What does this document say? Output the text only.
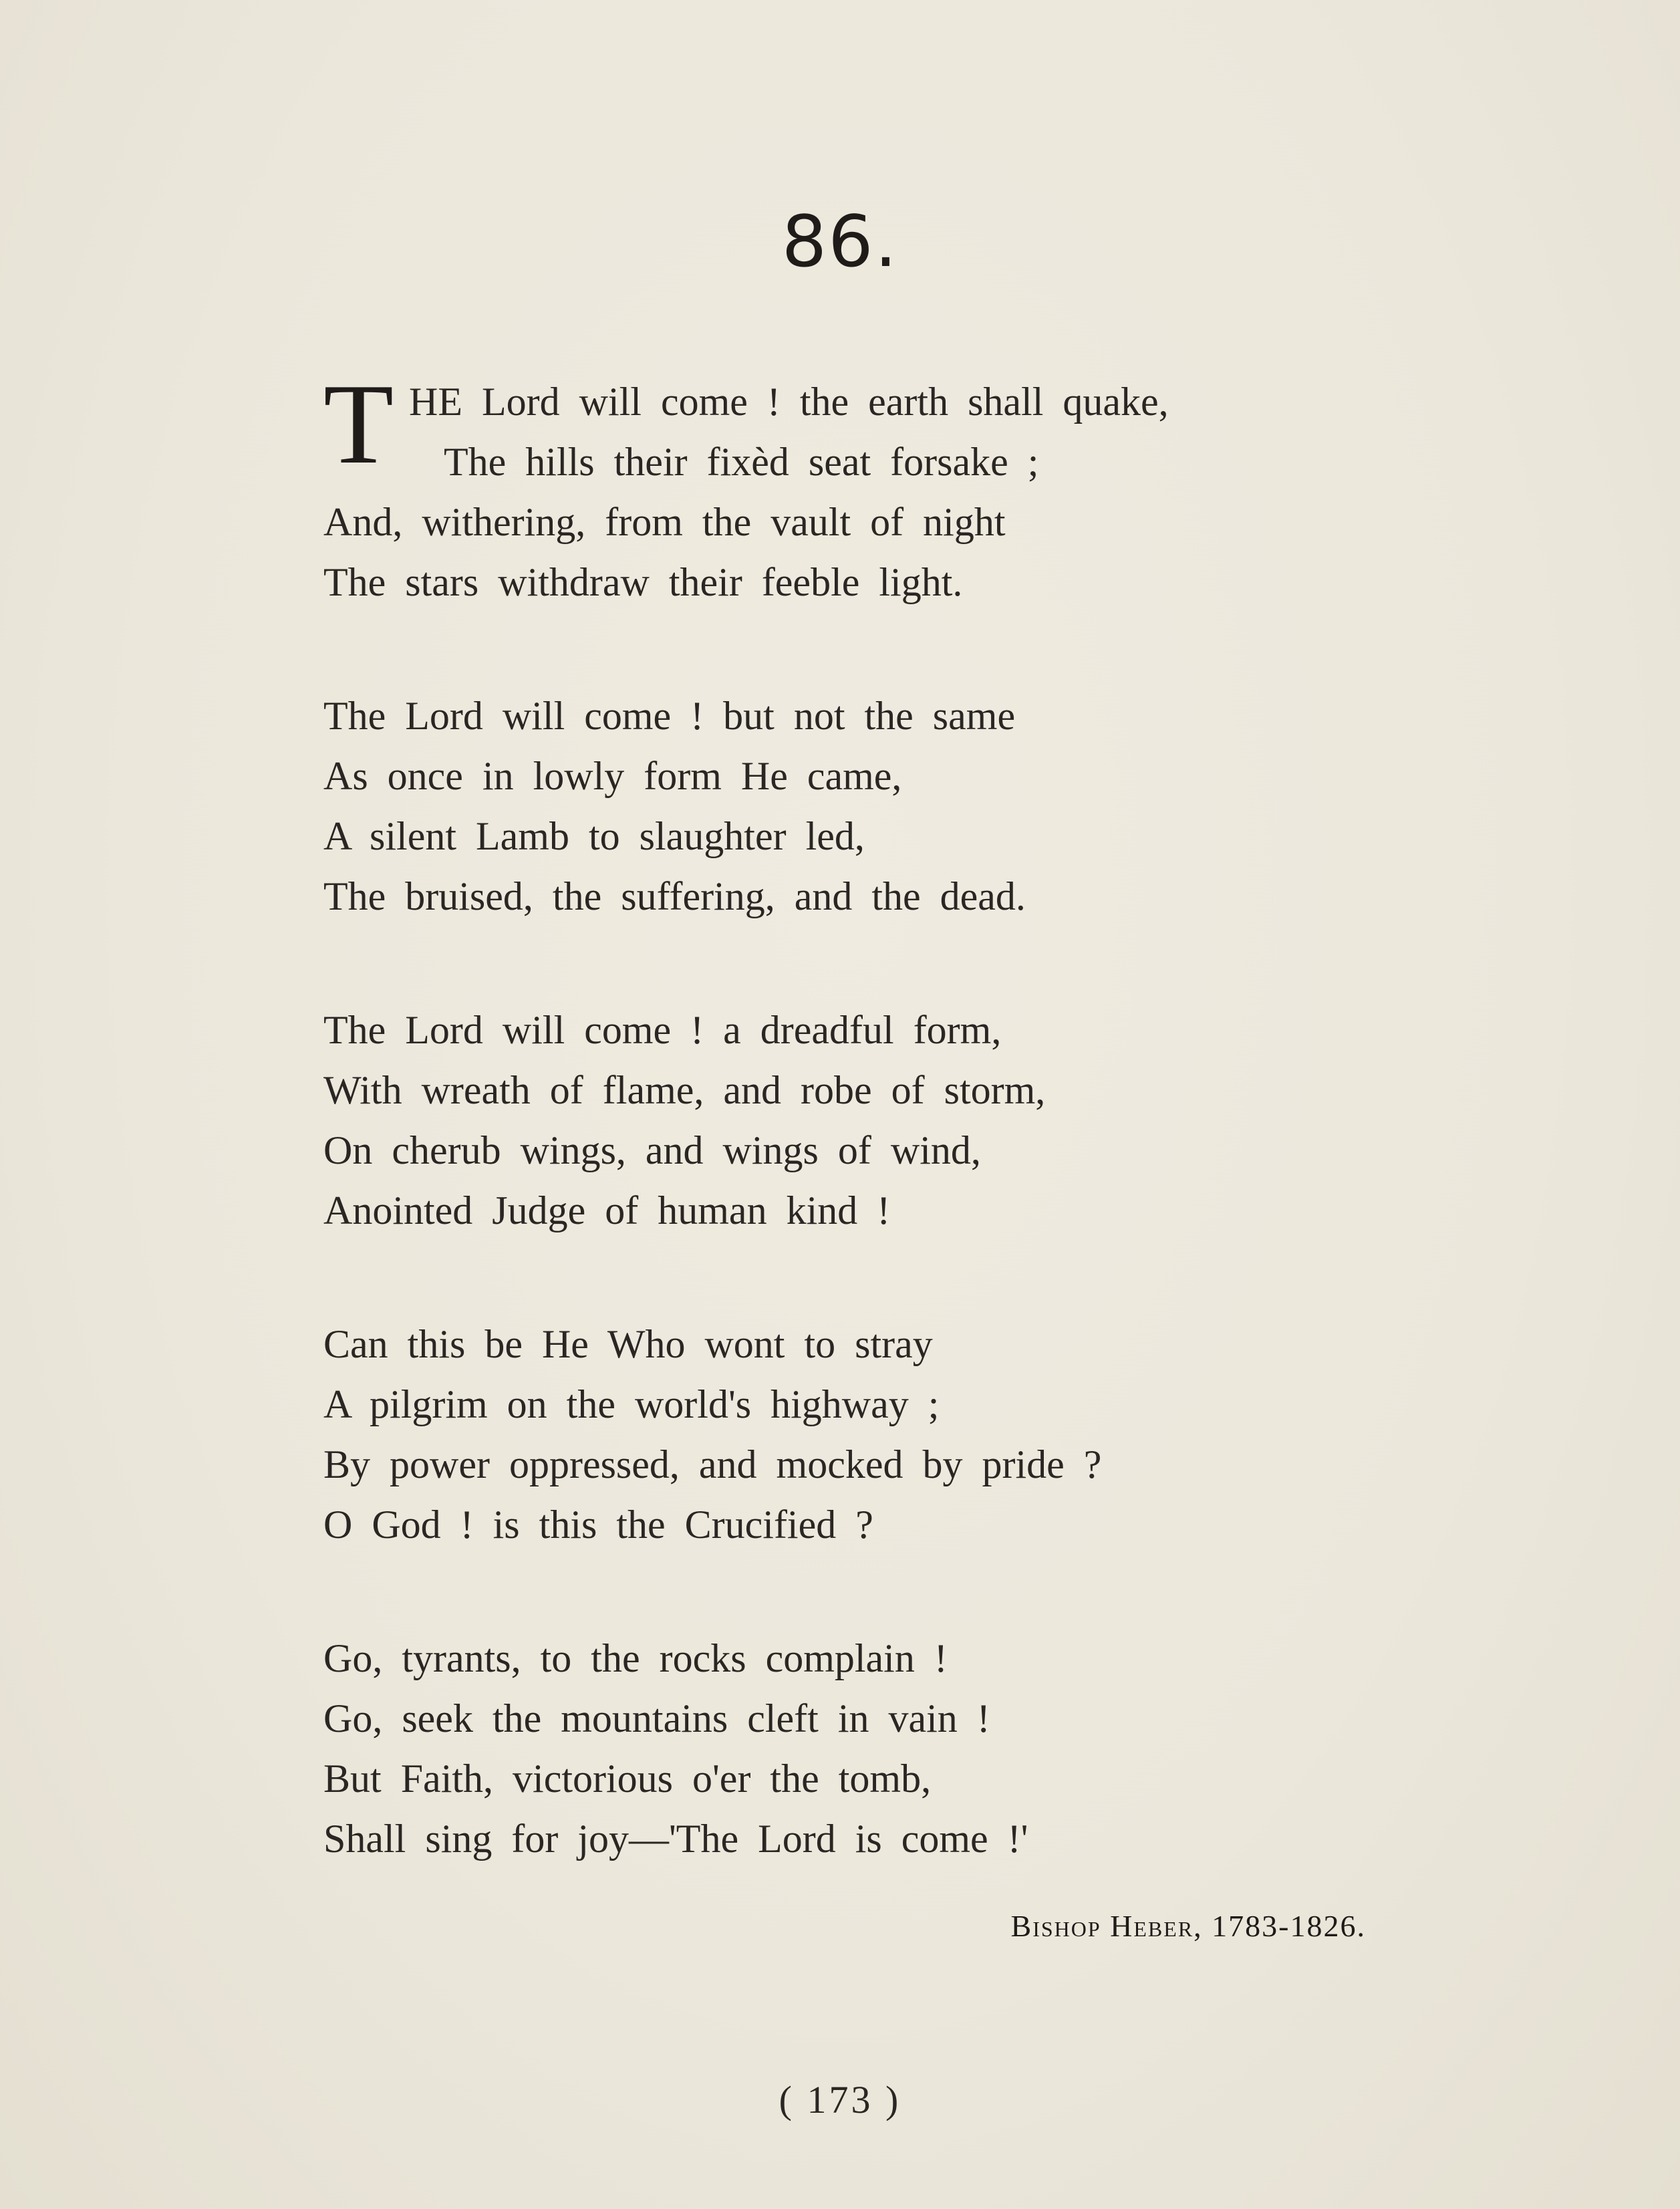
86.
T HE Lord will come ! the earth shall quake,
The hills their fixèd seat forsake ;
And, withering, from the vault of night
The stars withdraw their feeble light.
The Lord will come ! but not the same
As once in lowly form He came,
A silent Lamb to slaughter led,
The bruised, the suffering, and the dead.
The Lord will come ! a dreadful form,
With wreath of flame, and robe of storm,
On cherub wings, and wings of wind,
Anointed Judge of human kind !
Can this be He Who wont to stray
A pilgrim on the world's highway ;
By power oppressed, and mocked by pride ?
O God ! is this the Crucified ?
Go, tyrants, to the rocks complain !
Go, seek the mountains cleft in vain !
But Faith, victorious o'er the tomb,
Shall sing for joy—'The Lord is come !'
Bishop Heber, 1783-1826.
( 173 )
